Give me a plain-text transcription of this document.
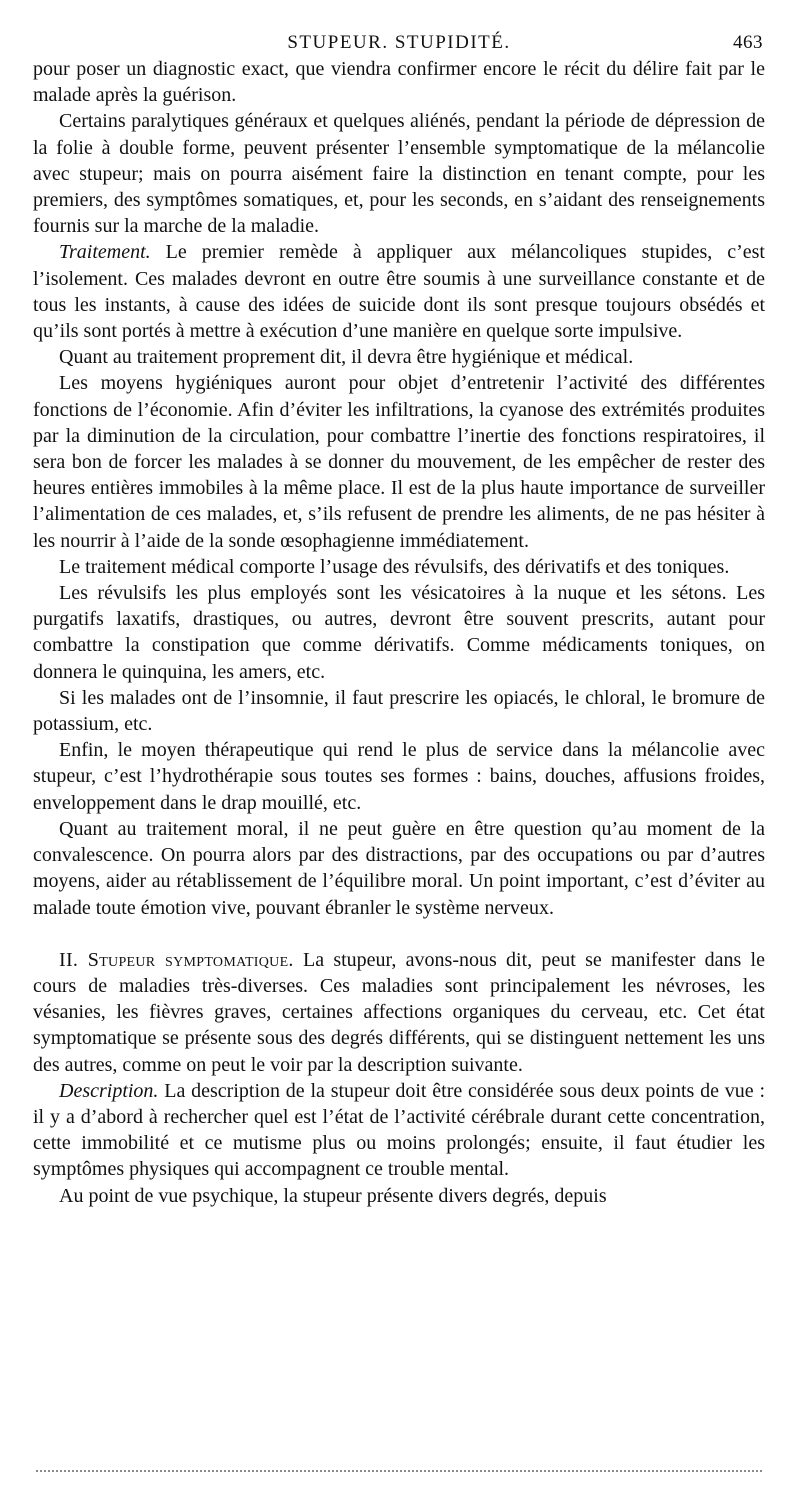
STUPEUR. STUPIDITÉ.	463

pour poser un diagnostic exact, que viendra confirmer encore le récit du délire fait par le malade après la guérison.

Certains paralytiques généraux et quelques aliénés, pendant la période de dépression de la folie à double forme, peuvent présenter l’ensemble symptomatique de la mélancolie avec stupeur; mais on pourra aisément faire la distinction en tenant compte, pour les premiers, des symptômes somatiques, et, pour les seconds, en s’aidant des renseignements fournis sur la marche de la maladie.

Traitement. Le premier remède à appliquer aux mélancoliques stupides, c’est l’isolement. Ces malades devront en outre être soumis à une surveillance constante et de tous les instants, à cause des idées de suicide dont ils sont presque toujours obsédés et qu’ils sont portés à mettre à exécution d’une manière en quelque sorte impulsive.

Quant au traitement proprement dit, il devra être hygiénique et médical.

Les moyens hygiéniques auront pour objet d’entretenir l’activité des différentes fonctions de l’économie. Afin d’éviter les infiltrations, la cyanose des extrémités produites par la diminution de la circulation, pour combattre l’inertie des fonctions respiratoires, il sera bon de forcer les malades à se donner du mouvement, de les empêcher de rester des heures entières immobiles à la même place. Il est de la plus haute importance de surveiller l’alimentation de ces malades, et, s’ils refusent de prendre les aliments, de ne pas hésiter à les nourrir à l’aide de la sonde œsophagienne immédiatement.

Le traitement médical comporte l’usage des révulsifs, des dérivatifs et des toniques.

Les révulsifs les plus employés sont les vésicatoires à la nuque et les sétons. Les purgatifs laxatifs, drastiques, ou autres, devront être souvent prescrits, autant pour combattre la constipation que comme dérivatifs. Comme médicaments toniques, on donnera le quinquina, les amers, etc.

Si les malades ont de l’insomnie, il faut prescrire les opiacés, le chloral, le bromure de potassium, etc.

Enfin, le moyen thérapeutique qui rend le plus de service dans la mélancolie avec stupeur, c’est l’hydrothérapie sous toutes ses formes : bains, douches, affusions froides, enveloppement dans le drap mouillé, etc.

Quant au traitement moral, il ne peut guère en être question qu’au moment de la convalescence. On pourra alors par des distractions, par des occupations ou par d’autres moyens, aider au rétablissement de l’équilibre moral. Un point important, c’est d’éviter au malade toute émotion vive, pouvant ébranler le système nerveux.

II. Stupeur symptomatique. La stupeur, avons-nous dit, peut se manifester dans le cours de maladies très-diverses. Ces maladies sont principalement les névroses, les vésanies, les fièvres graves, certaines affections organiques du cerveau, etc. Cet état symptomatique se présente sous des degrés différents, qui se distinguent nettement les uns des autres, comme on peut le voir par la description suivante.

Description. La description de la stupeur doit être considérée sous deux points de vue : il y a d’abord à rechercher quel est l’état de l’activité cérébrale durant cette concentration, cette immobilité et ce mutisme plus ou moins prolongés; ensuite, il faut étudier les symptômes physiques qui accompagnent ce trouble mental.

Au point de vue psychique, la stupeur présente divers degrés, depuis
